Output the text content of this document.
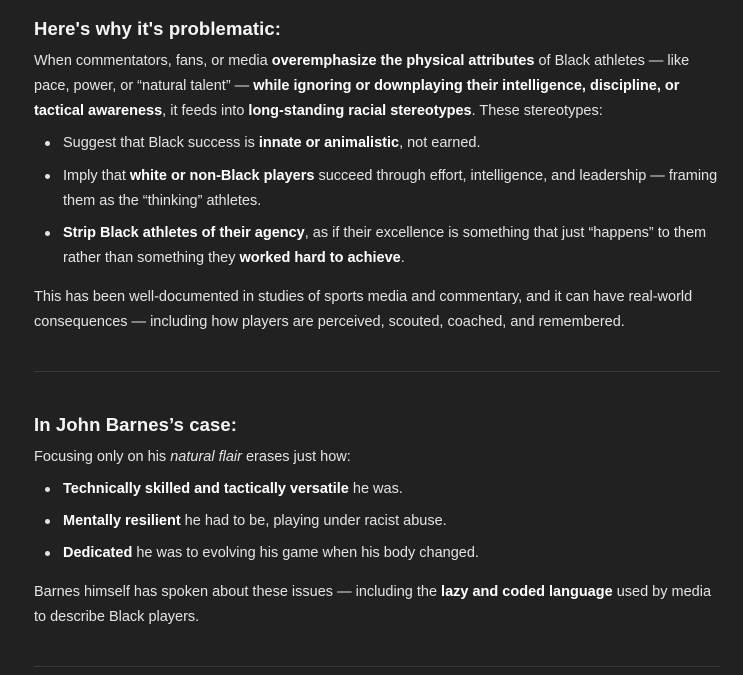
Here's why it's problematic:

When commentators, fans, or media overemphasize the physical attributes of Black athletes — like pace, power, or “natural talent” — while ignoring or downplaying their intelligence, discipline, or tactical awareness, it feeds into long-standing racial stereotypes. These stereotypes:

Suggest that Black success is innate or animalistic, not earned.
Imply that white or non-Black players succeed through effort, intelligence, and leadership — framing them as the “thinking” athletes.
Strip Black athletes of their agency, as if their excellence is something that just “happens” to them rather than something they worked hard to achieve.

This has been well-documented in studies of sports media and commentary, and it can have real-world consequences — including how players are perceived, scouted, coached, and remembered.

In John Barnes’s case:

Focusing only on his natural flair erases just how:

Technically skilled and tactically versatile he was.
Mentally resilient he had to be, playing under racist abuse.
Dedicated he was to evolving his game when his body changed.

Barnes himself has spoken about these issues — including the lazy and coded language used by media to describe Black players.
